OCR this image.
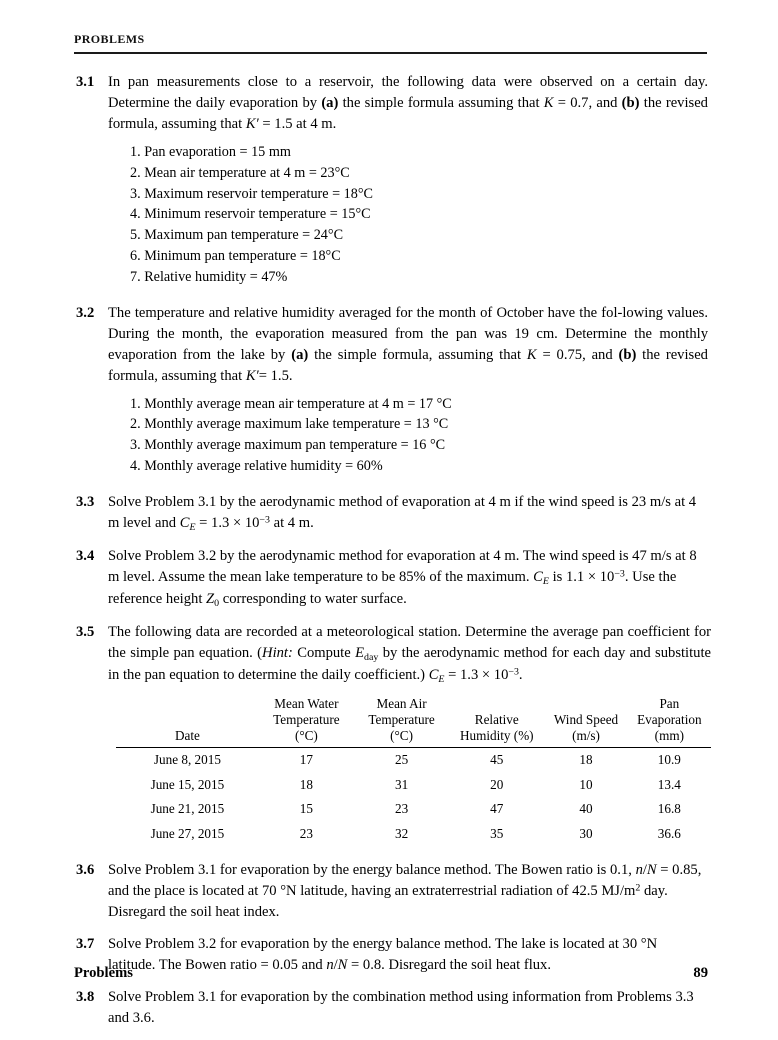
problems
3.1 In pan measurements close to a reservoir, the following data were observed on a certain day. Determine the daily evaporation by (a) the simple formula assuming that K = 0.7, and (b) the revised formula, assuming that K′ = 1.5 at 4 m.
1. Pan evaporation = 15 mm
2. Mean air temperature at 4 m = 23°C
3. Maximum reservoir temperature = 18°C
4. Minimum reservoir temperature = 15°C
5. Maximum pan temperature = 24°C
6. Minimum pan temperature = 18°C
7. Relative humidity = 47%
3.2 The temperature and relative humidity averaged for the month of October have the fol-lowing values. During the month, the evaporation measured from the pan was 19 cm. Determine the monthly evaporation from the lake by (a) the simple formula, assuming that K = 0.75, and (b) the revised formula, assuming that K′= 1.5.
1. Monthly average mean air temperature at 4 m = 17 °C
2. Monthly average maximum lake temperature = 13 °C
3. Monthly average maximum pan temperature = 16 °C
4. Monthly average relative humidity = 60%
3.3 Solve Problem 3.1 by the aerodynamic method of evaporation at 4 m if the wind speed is 23 m/s at 4 m level and $C_E = 1.3 \times 10^{-3}$ at 4 m.
3.4 Solve Problem 3.2 by the aerodynamic method for evaporation at 4 m. The wind speed is 47 m/s at 8 m level. Assume the mean lake temperature to be 85% of the maximum. $C_E$ is $1.1 \times 10^{-3}$. Use the reference height $Z_0$ corresponding to water surface.
3.5 The following data are recorded at a meteorological station. Determine the average pan coefficient for the simple pan equation. (Hint: Compute $E_{day}$ by the aerodynamic method for each day and substitute in the pan equation to determine the daily coefficient.) $C_E = 1.3 \times 10^{-3}$.
Date

Mean Water
Temperature
(°C)

Mean Air
Temperature
(°C)

Relative
Humidity (%)

Wind Speed
(m/s)

Pan
Evaporation
(mm)

June 8, 2015	17	25	45	18	10.9
June 15, 2015	18	31	20	10	13.4
June 21, 2015	15	23	47	40	16.8
June 27, 2015	23	32	35	30	36.6
3.6 Solve Problem 3.1 for evaporation by the energy balance method. The Bowen ratio is 0.1, n/N = 0.85, and the place is located at 70 °N latitude, having an extraterrestrial radiation of 42.5 $MJ/m^2$ day. Disregard the soil heat index.
3.7 Solve Problem 3.2 for evaporation by the energy balance method. The lake is located at 30 °N latitude. The Bowen ratio = 0.05 and n/N = 0.8. Disregard the soil heat flux.
3.8 Solve Problem 3.1 for evaporation by the combination method using information from Problems 3.3 and 3.6.
Problems	89
